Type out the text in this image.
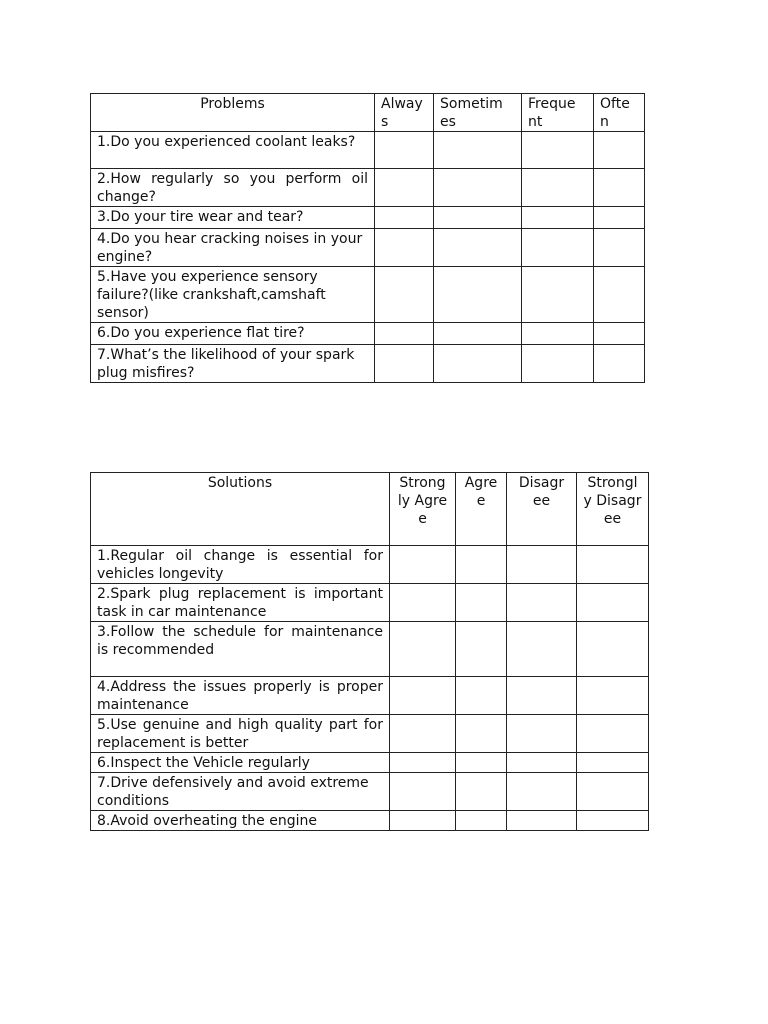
Problems	Alway s	Sometim es	Freque nt	Ofte n
1.Do you experienced coolant leaks?				
2.How regularly so you perform oil change?				
3.Do your tire wear and tear?				
4.Do you hear cracking noises in your engine?				
5.Have you experience sensory failure?(like crankshaft,camshaft sensor)				
6.Do you experience flat tire?				
7.What’s the likelihood of your spark plug misfires?				
Solutions	Strong ly Agree	Agre e	Disagr ee	Strongl y Disagr ee
1.Regular oil change is essential for vehicles longevity				
2.Spark plug replacement is important task in car maintenance				
3.Follow the schedule for maintenance is recommended				
4.Address the issues properly is proper maintenance				
5.Use genuine and high quality part for replacement is better				
6.Inspect the Vehicle regularly				
7.Drive defensively and avoid extreme conditions				
8.Avoid overheating the engine				
